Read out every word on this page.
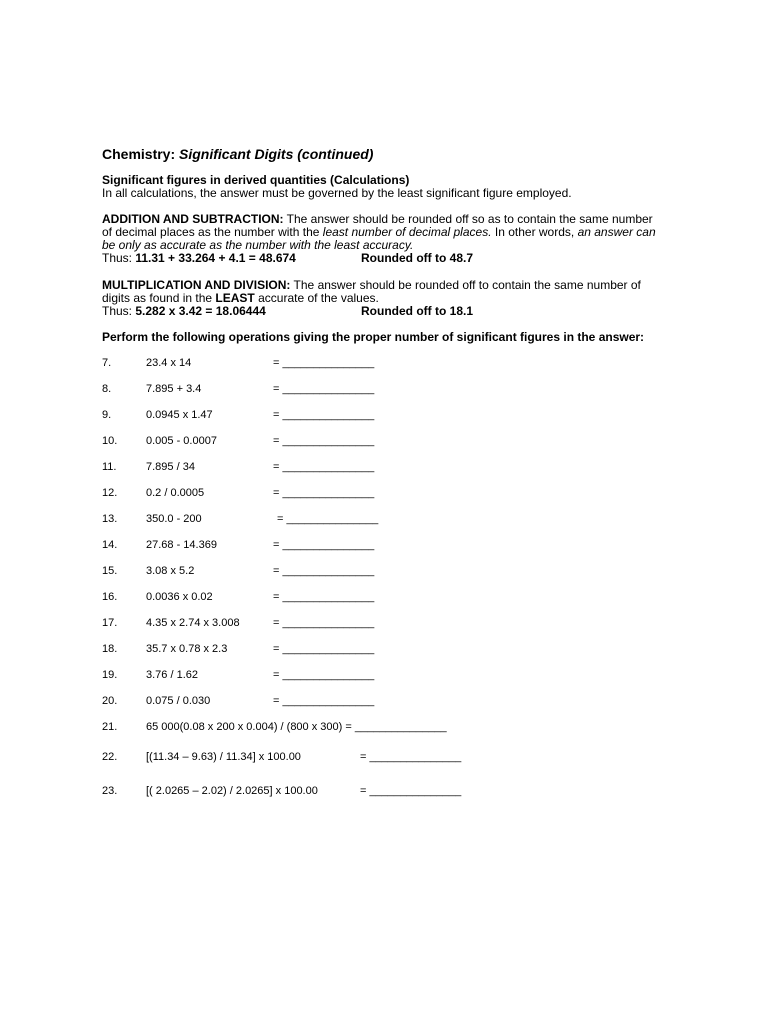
Chemistry: Significant Digits (continued)
Significant figures in derived quantities (Calculations)
In all calculations, the answer must be governed by the least significant figure employed.
ADDITION AND SUBTRACTION: The answer should be rounded off so as to contain the same number
of decimal places as the number with the least number of decimal places. In other words, an answer can
be only as accurate as the number with the least accuracy.
Thus: 11.31 + 33.264 + 4.1 = 48.674	Rounded off to 48.7
MULTIPLICATION AND DIVISION: The answer should be rounded off to contain the same number of
digits as found in the LEAST accurate of the values.
Thus: 5.282 x 3.42 = 18.06444	Rounded off to 18.1
Perform the following operations giving the proper number of significant figures in the answer:
7.	23.4 x 14	= _______________
8.	7.895 + 3.4	= _______________
9.	0.0945 x 1.47	= _______________
10.	0.005 - 0.0007	= _______________
11.	7.895 / 34	= _______________
12.	0.2 / 0.0005	= _______________
13.	350.0 - 200	= _______________
14.	27.68 - 14.369	= _______________
15.	3.08 x 5.2	= _______________
16.	0.0036 x 0.02	= _______________
17.	4.35 x 2.74 x 3.008	= _______________
18.	35.7 x 0.78 x 2.3	= _______________
19.	3.76 / 1.62	= _______________
20.	0.075 / 0.030	= _______________
21.	65 000(0.08 x 200 x 0.004) / (800 x 300) = _______________
22.	[(11.34 – 9.63) / 11.34] x 100.00	= _______________
23.	[( 2.0265 – 2.02) / 2.0265] x 100.00	= _______________
